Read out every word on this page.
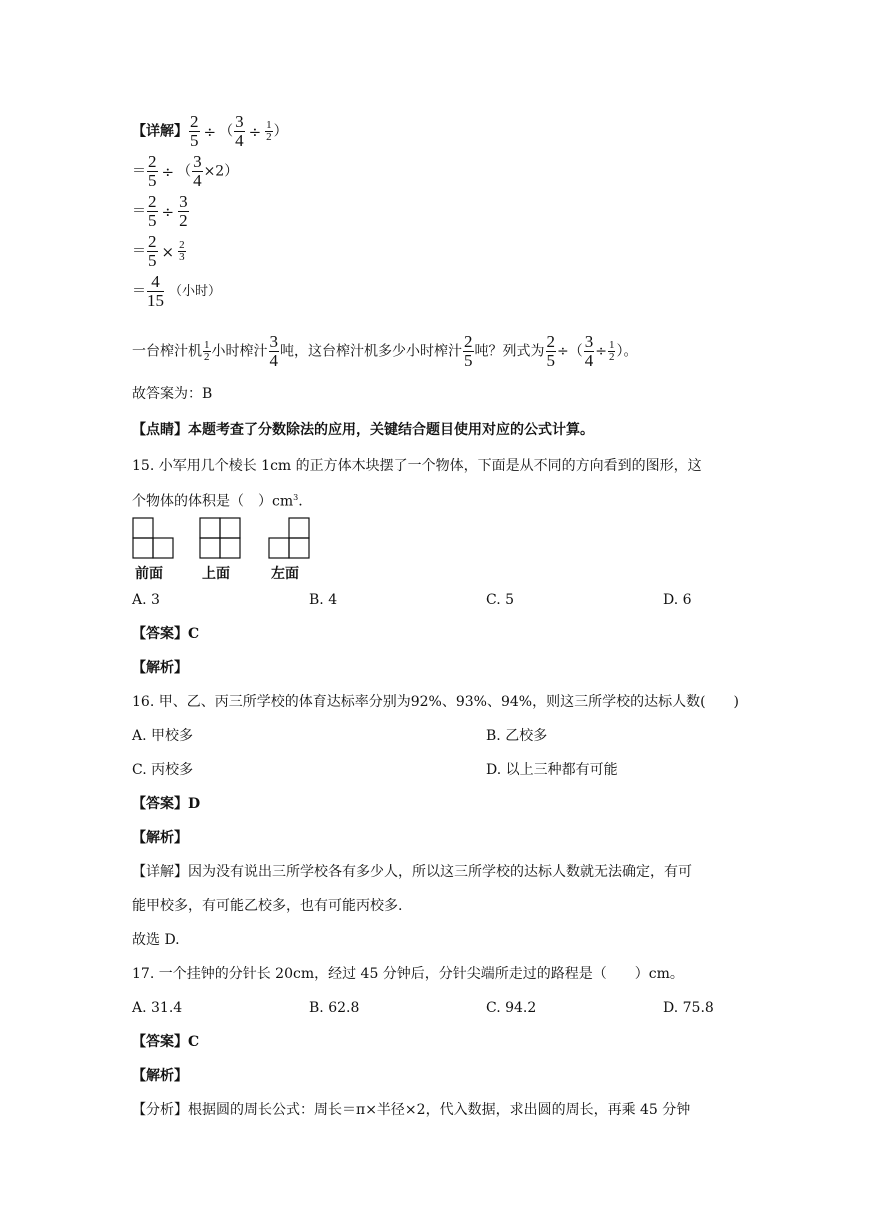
【详解】 $\frac{2}{5}$ ÷ （ $\frac{3}{4} \div \frac{1}{2}$ ）
＝ $\frac{2}{5}$ ÷ （ $\frac{3}{4} \times 2$）
＝ $\frac{2}{5} \div \frac{3}{2}$
＝ $\frac{2}{5} \times \frac{2}{3}$
＝ $\frac{4}{15}$ （小时）
一台榨汁机 $\frac{1}{2}$ 小时榨汁 $\frac{3}{4}$ 吨，这台榨汁机多少小时榨汁 $\frac{2}{5}$ 吨？列式为 $\frac{2}{5}$ ÷（ $\frac{3}{4} \div \frac{1}{2}$ ）。
故答案为：B
【点睛】本题考查了分数除法的应用，关键结合题目使用对应的公式计算。
15. 小军用几个棱长 1cm 的正方体木块摆了一个物体，下面是从不同的方向看到的图形，这
个物体的体积是（　）$cm^3$.
前面	上面	左面
A. 3	B. 4	C. 5	D. 6
【答案】C
【解析】
16. 甲、乙、丙三所学校的体育达标率分别为92%、93%、94%，则这三所学校的达标人数(　　)
A. 甲校多	B. 乙校多
C. 丙校多	D. 以上三种都有可能
【答案】D
【解析】
【详解】因为没有说出三所学校各有多少人，所以这三所学校的达标人数就无法确定，有可
能甲校多，有可能乙校多，也有可能丙校多.
故选 D.
17. 一个挂钟的分针长 20cm，经过 45 分钟后，分针尖端所走过的路程是（　　）cm。
A. 31.4	B. 62.8	C. 94.2	D. 75.8
【答案】C
【解析】
【分析】根据圆的周长公式：周长＝π×半径×2，代入数据，求出圆的周长，再乘 45 分钟
